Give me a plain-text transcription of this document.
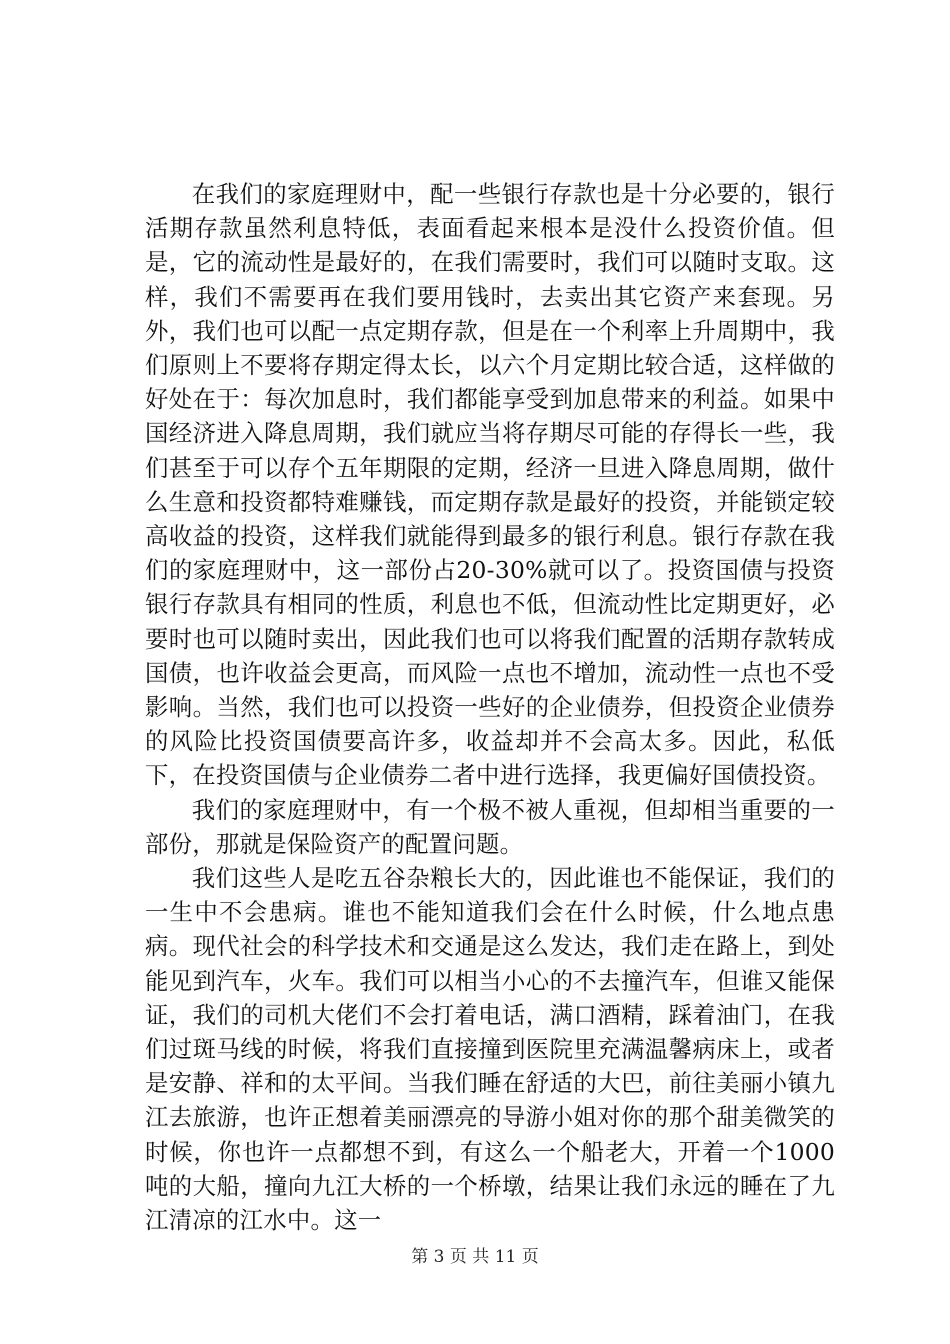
在我们的家庭理财中，配一些银行存款也是十分必要的，银行活期存款虽然利息特低，表面看起来根本是没什么投资价值。但是，它的流动性是最好的，在我们需要时，我们可以随时支取。这样，我们不需要再在我们要用钱时，去卖出其它资产来套现。另外，我们也可以配一点定期存款，但是在一个利率上升周期中，我们原则上不要将存期定得太长，以六个月定期比较合适，这样做的好处在于：每次加息时，我们都能享受到加息带来的利益。如果中国经济进入降息周期，我们就应当将存期尽可能的存得长一些，我们甚至于可以存个五年期限的定期，经济一旦进入降息周期，做什么生意和投资都特难赚钱，而定期存款是最好的投资，并能锁定较高收益的投资，这样我们就能得到最多的银行利息。银行存款在我们的家庭理财中，这一部份占20-30%就可以了。投资国债与投资银行存款具有相同的性质，利息也不低，但流动性比定期更好，必要时也可以随时卖出，因此我们也可以将我们配置的活期存款转成国债，也许收益会更高，而风险一点也不增加，流动性一点也不受影响。当然，我们也可以投资一些好的企业债券，但投资企业债券的风险比投资国债要高许多，收益却并不会高太多。因此，私低下，在投资国债与企业债券二者中进行选择，我更偏好国债投资。

我们的家庭理财中，有一个极不被人重视，但却相当重要的一部份，那就是保险资产的配置问题。

我们这些人是吃五谷杂粮长大的，因此谁也不能保证，我们的一生中不会患病。谁也不能知道我们会在什么时候，什么地点患病。现代社会的科学技术和交通是这么发达，我们走在路上，到处能见到汽车，火车。我们可以相当小心的不去撞汽车，但谁又能保证，我们的司机大佬们不会打着电话，满口酒精，踩着油门，在我们过斑马线的时候，将我们直接撞到医院里充满温馨病床上，或者是安静、祥和的太平间。当我们睡在舒适的大巴，前往美丽小镇九江去旅游，也许正想着美丽漂亮的导游小姐对你的那个甜美微笑的时候，你也许一点都想不到，有这么一个船老大，开着一个1000吨的大船，撞向九江大桥的一个桥墩，结果让我们永远的睡在了九江清凉的江水中。这一

第 3 页 共 11 页
